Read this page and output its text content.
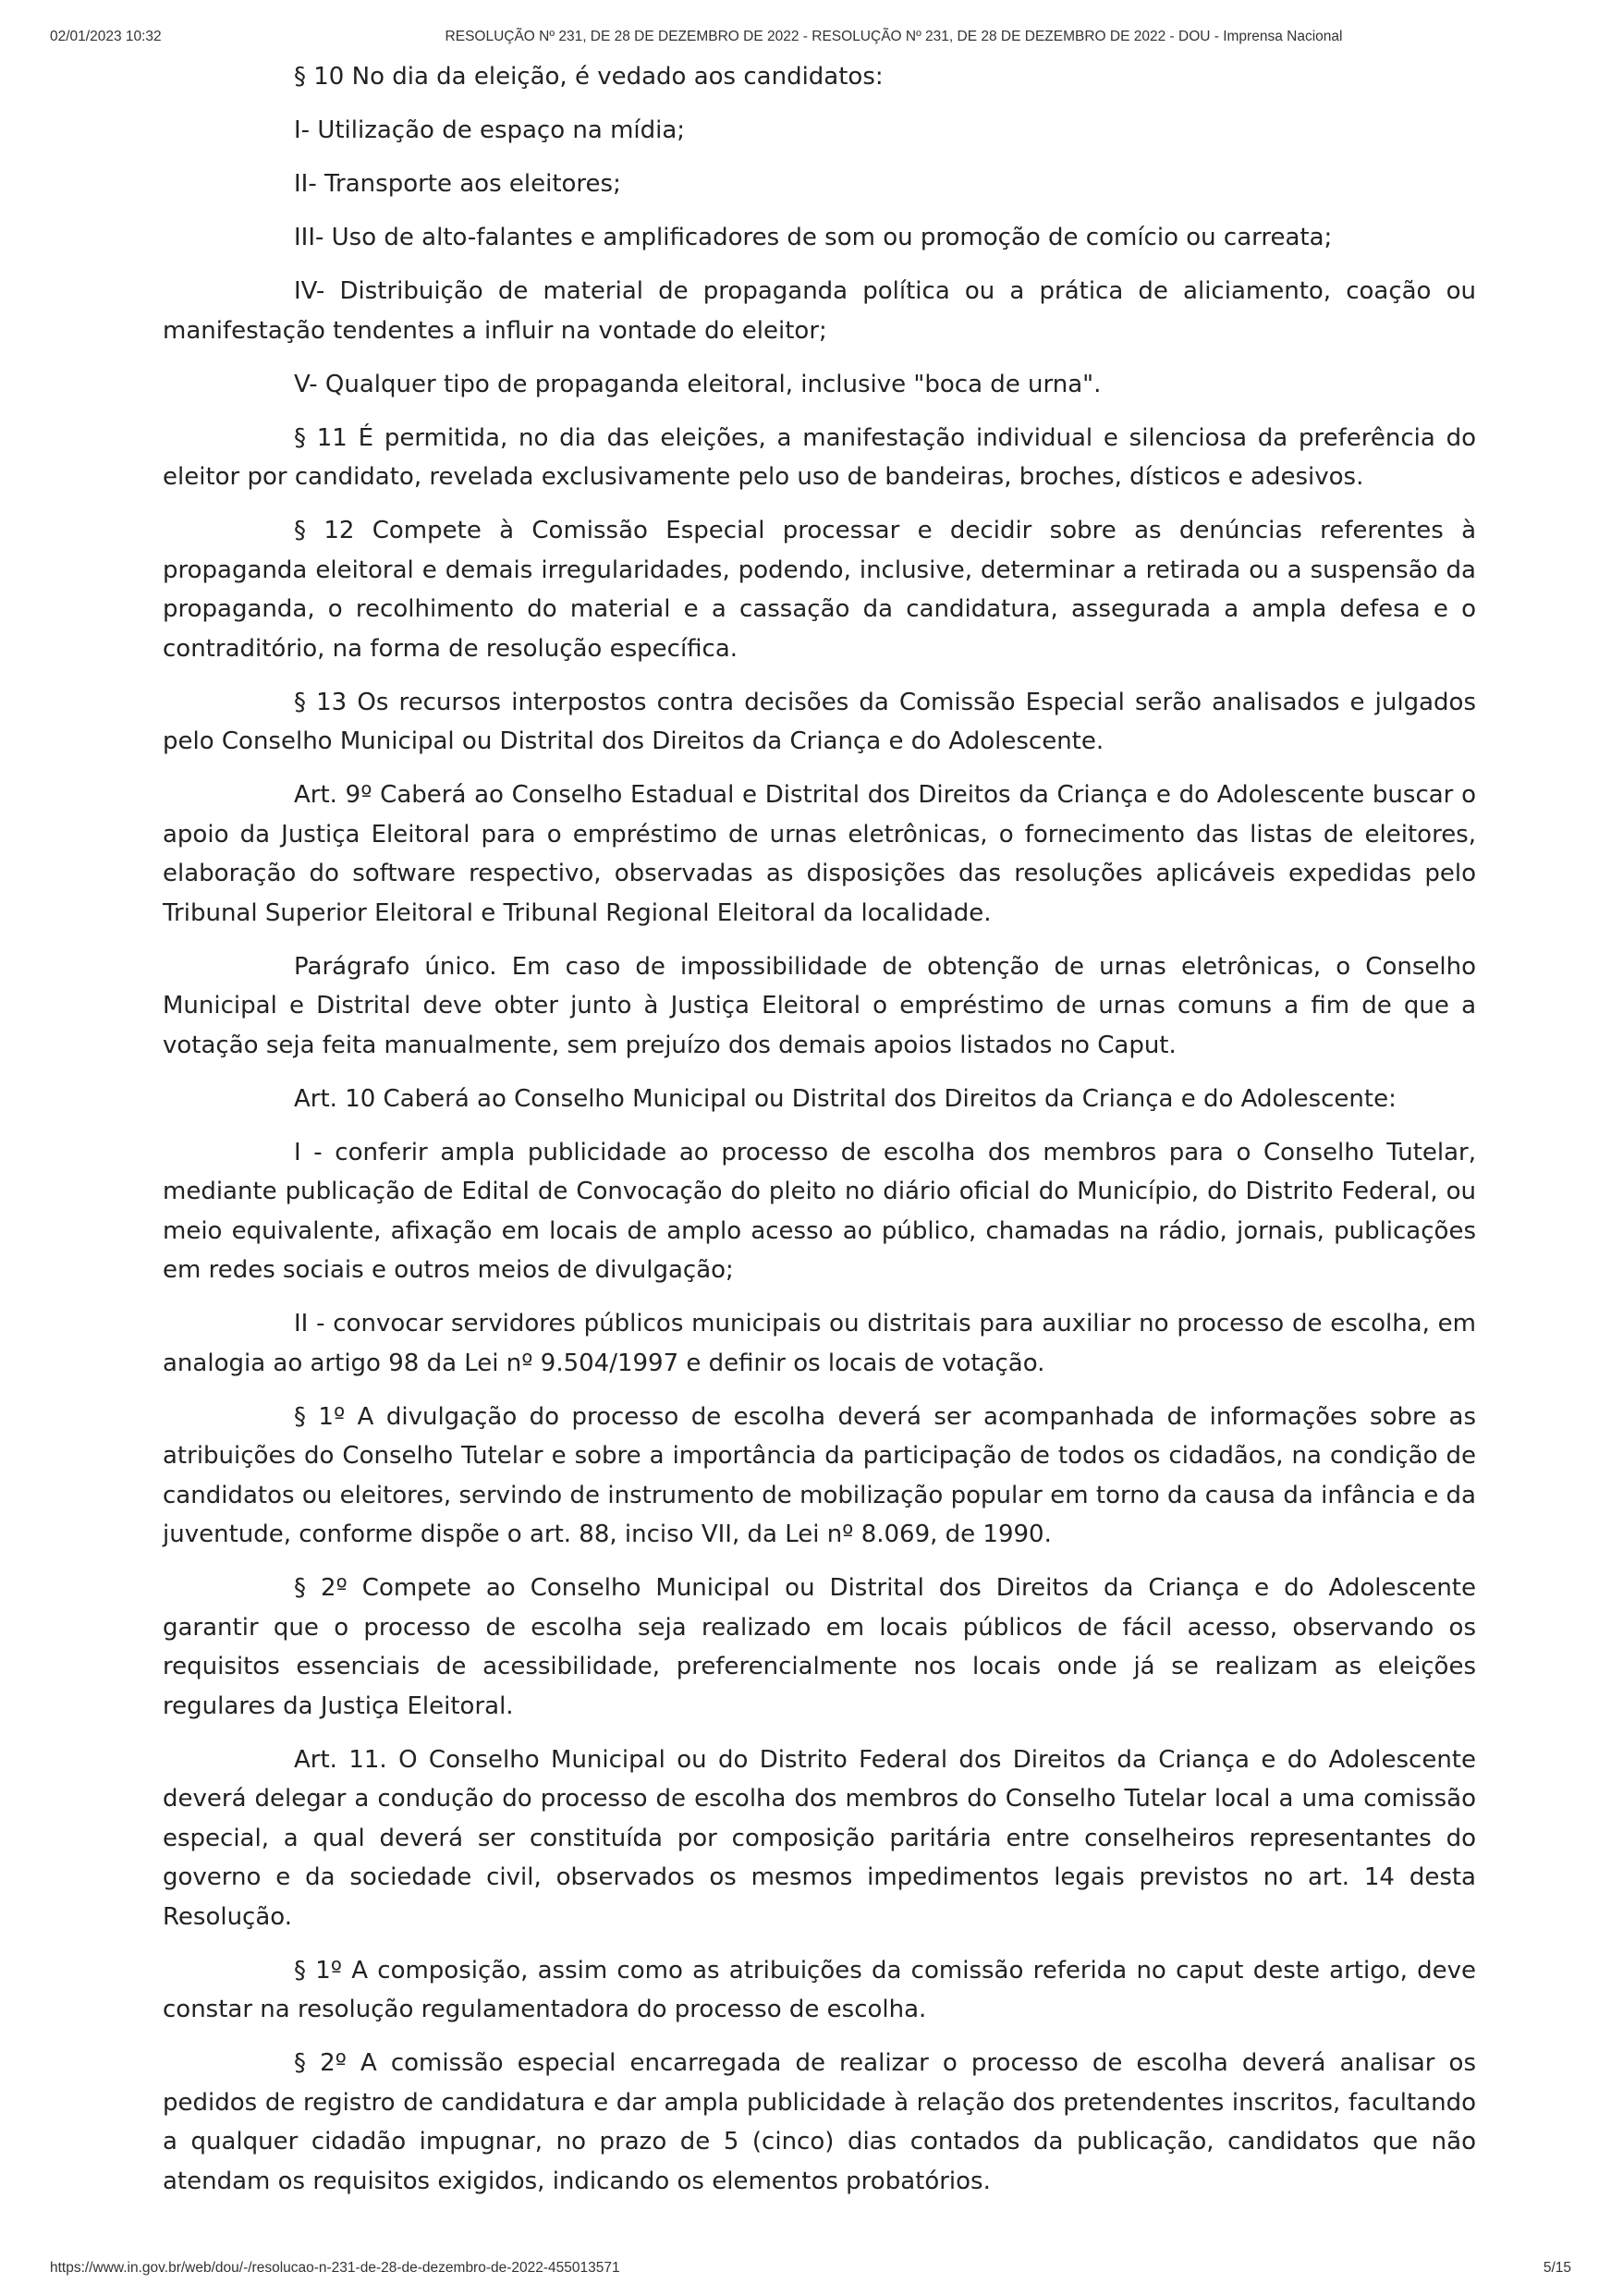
02/01/2023 10:32	RESOLUÇÃO Nº 231, DE 28 DE DEZEMBRO DE 2022 - RESOLUÇÃO Nº 231, DE 28 DE DEZEMBRO DE 2022 - DOU - Imprensa Nacional

§ 10 No dia da eleição, é vedado aos candidatos:

I- Utilização de espaço na mídia;

II- Transporte aos eleitores;

III- Uso de alto-falantes e amplificadores de som ou promoção de comício ou carreata;

IV- Distribuição de material de propaganda política ou a prática de aliciamento, coação ou manifestação tendentes a influir na vontade do eleitor;

V- Qualquer tipo de propaganda eleitoral, inclusive "boca de urna".

§ 11 É permitida, no dia das eleições, a manifestação individual e silenciosa da preferência do eleitor por candidato, revelada exclusivamente pelo uso de bandeiras, broches, dísticos e adesivos.

§ 12 Compete à Comissão Especial processar e decidir sobre as denúncias referentes à propaganda eleitoral e demais irregularidades, podendo, inclusive, determinar a retirada ou a suspensão da propaganda, o recolhimento do material e a cassação da candidatura, assegurada a ampla defesa e o contraditório, na forma de resolução específica.

§ 13 Os recursos interpostos contra decisões da Comissão Especial serão analisados e julgados pelo Conselho Municipal ou Distrital dos Direitos da Criança e do Adolescente.

Art. 9º Caberá ao Conselho Estadual e Distrital dos Direitos da Criança e do Adolescente buscar o apoio da Justiça Eleitoral para o empréstimo de urnas eletrônicas, o fornecimento das listas de eleitores, elaboração do software respectivo, observadas as disposições das resoluções aplicáveis expedidas pelo Tribunal Superior Eleitoral e Tribunal Regional Eleitoral da localidade.

Parágrafo único. Em caso de impossibilidade de obtenção de urnas eletrônicas, o Conselho Municipal e Distrital deve obter junto à Justiça Eleitoral o empréstimo de urnas comuns a fim de que a votação seja feita manualmente, sem prejuízo dos demais apoios listados no Caput.

Art. 10 Caberá ao Conselho Municipal ou Distrital dos Direitos da Criança e do Adolescente:

I - conferir ampla publicidade ao processo de escolha dos membros para o Conselho Tutelar, mediante publicação de Edital de Convocação do pleito no diário oficial do Município, do Distrito Federal, ou meio equivalente, afixação em locais de amplo acesso ao público, chamadas na rádio, jornais, publicações em redes sociais e outros meios de divulgação;

II - convocar servidores públicos municipais ou distritais para auxiliar no processo de escolha, em analogia ao artigo 98 da Lei nº 9.504/1997 e definir os locais de votação.

§ 1º A divulgação do processo de escolha deverá ser acompanhada de informações sobre as atribuições do Conselho Tutelar e sobre a importância da participação de todos os cidadãos, na condição de candidatos ou eleitores, servindo de instrumento de mobilização popular em torno da causa da infância e da juventude, conforme dispõe o art. 88, inciso VII, da Lei nº 8.069, de 1990.

§ 2º Compete ao Conselho Municipal ou Distrital dos Direitos da Criança e do Adolescente garantir que o processo de escolha seja realizado em locais públicos de fácil acesso, observando os requisitos essenciais de acessibilidade, preferencialmente nos locais onde já se realizam as eleições regulares da Justiça Eleitoral.

Art. 11. O Conselho Municipal ou do Distrito Federal dos Direitos da Criança e do Adolescente deverá delegar a condução do processo de escolha dos membros do Conselho Tutelar local a uma comissão especial, a qual deverá ser constituída por composição paritária entre conselheiros representantes do governo e da sociedade civil, observados os mesmos impedimentos legais previstos no art. 14 desta Resolução.

§ 1º A composição, assim como as atribuições da comissão referida no caput deste artigo, deve constar na resolução regulamentadora do processo de escolha.

§ 2º A comissão especial encarregada de realizar o processo de escolha deverá analisar os pedidos de registro de candidatura e dar ampla publicidade à relação dos pretendentes inscritos, facultando a qualquer cidadão impugnar, no prazo de 5 (cinco) dias contados da publicação, candidatos que não atendam os requisitos exigidos, indicando os elementos probatórios.

https://www.in.gov.br/web/dou/-/resolucao-n-231-de-28-de-dezembro-de-2022-455013571	5/15
